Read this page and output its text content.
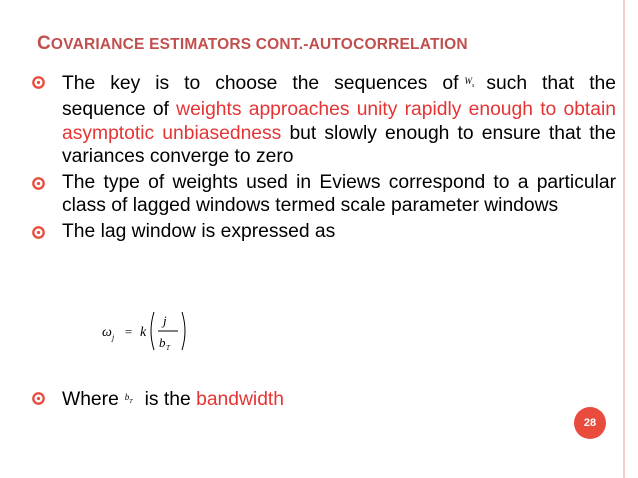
COVARIANCE ESTIMATORS CONT.-AUTOCORRELATION
The key is to choose the sequences of $W_s$ such that the sequence of weights approaches unity rapidly enough to obtain asymptotic unbiasedness but slowly enough to ensure that the variances converge to zero
The type of weights used in Eviews correspond to a particular class of lagged windows termed scale parameter windows
The lag window is expressed as
ω j = k
j
b T
Where $b_T$ is the bandwidth
28
